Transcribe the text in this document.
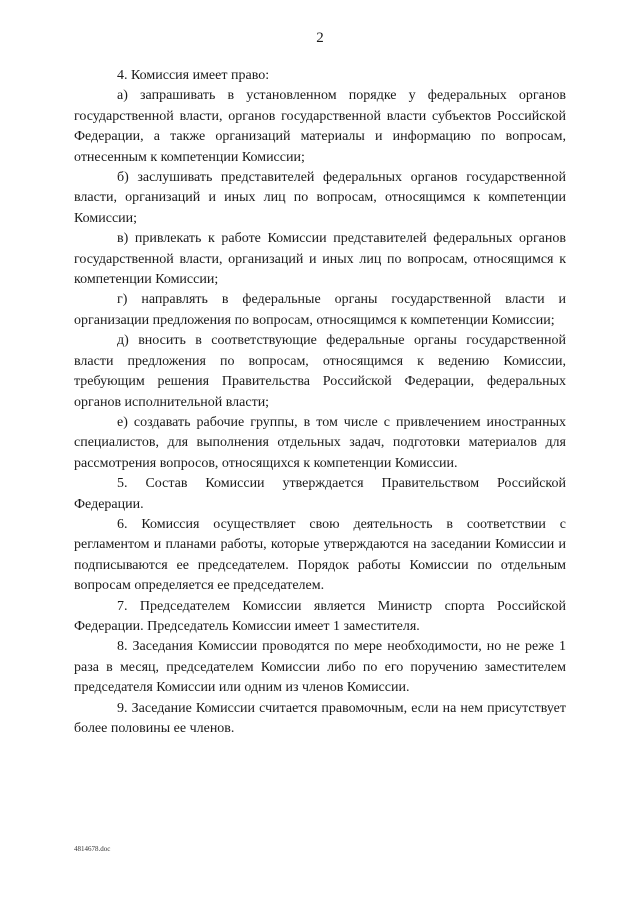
2

4. Комиссия имеет право:

а) запрашивать в установленном порядке у федеральных органов государственной власти, органов государственной власти субъектов Российской Федерации, а также организаций материалы и информацию по вопросам, отнесенным к компетенции Комиссии;

б) заслушивать представителей федеральных органов государственной власти, организаций и иных лиц по вопросам, относящимся к компетенции Комиссии;

в) привлекать к работе Комиссии представителей федеральных органов государственной власти, организаций и иных лиц по вопросам, относящимся к компетенции Комиссии;

г) направлять в федеральные органы государственной власти и организации предложения по вопросам, относящимся к компетенции Комиссии;

д) вносить в соответствующие федеральные органы государственной власти предложения по вопросам, относящимся к ведению Комиссии, требующим решения Правительства Российской Федерации, федеральных органов исполнительной власти;

е) создавать рабочие группы, в том числе с привлечением иностранных специалистов, для выполнения отдельных задач, подготовки материалов для рассмотрения вопросов, относящихся к компетенции Комиссии.

5. Состав Комиссии утверждается Правительством Российской Федерации.

6. Комиссия осуществляет свою деятельность в соответствии с регламентом и планами работы, которые утверждаются на заседании Комиссии и подписываются ее председателем. Порядок работы Комиссии по отдельным вопросам определяется ее председателем.

7. Председателем Комиссии является Министр спорта Российской Федерации. Председатель Комиссии имеет 1 заместителя.

8. Заседания Комиссии проводятся по мере необходимости, но не реже 1 раза в месяц, председателем Комиссии либо по его поручению заместителем председателя Комиссии или одним из членов Комиссии.

9. Заседание Комиссии считается правомочным, если на нем присутствует более половины ее членов.

4814678.doc
